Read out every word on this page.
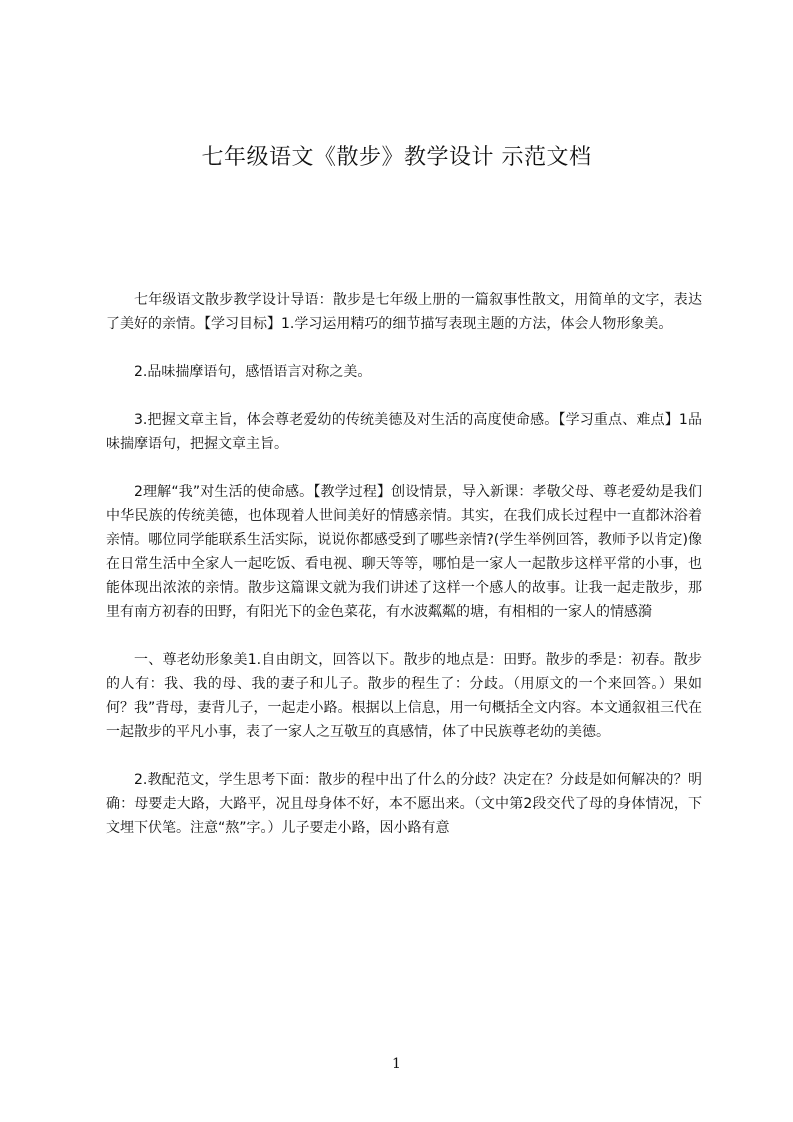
七年级语文《散步》教学设计 示范文档

七年级语文散步教学设计导语：散步是七年级上册的一篇叙事性散文，用简单的文字，表达了美好的亲情。【学习目标】1.学习运用精巧的细节描写表现主题的方法，体会人物形象美。

2.品味揣摩语句，感悟语言对称之美。

3.把握文章主旨，体会尊老爱幼的传统美德及对生活的高度使命感。【学习重点、难点】1品味揣摩语句，把握文章主旨。

2理解“我”对生活的使命感。【教学过程】创设情景，导入新课：孝敬父母、尊老爱幼是我们中华民族的传统美德，也体现着人世间美好的情感亲情。其实，在我们成长过程中一直都沐浴着亲情。哪位同学能联系生活实际，说说你都感受到了哪些亲情?(学生举例回答，教师予以肯定)像在日常生活中全家人一起吃饭、看电视、聊天等等，哪怕是一家人一起散步这样平常的小事，也能体现出浓浓的亲情。散步这篇课文就为我们讲述了这样一个感人的故事。让我一起走散步，那里有南方初春的田野，有阳光下的金色菜花，有水波粼粼的塘，有相相的一家人的情感漪

一、尊老幼形象美1.自由朗文，回答以下。散步的地点是：田野。散步的季是：初春。散步的人有：我、我的母、我的妻子和儿子。散步的程生了：分歧。（用原文的一个来回答。）果如何？我”背母，妻背儿子，一起走小路。根据以上信息，用一句概括全文内容。本文通叙祖三代在一起散步的平凡小事，表了一家人之互敬互的真感情，体了中民族尊老幼的美德。

2.教配范文，学生思考下面：散步的程中出了什么的分歧？决定在？分歧是如何解决的？明确：母要走大路，大路平，况且母身体不好，本不愿出来。（文中第2段交代了母的身体情况，下文埋下伏笔。注意“熬”字。）儿子要走小路，因小路有意

1
